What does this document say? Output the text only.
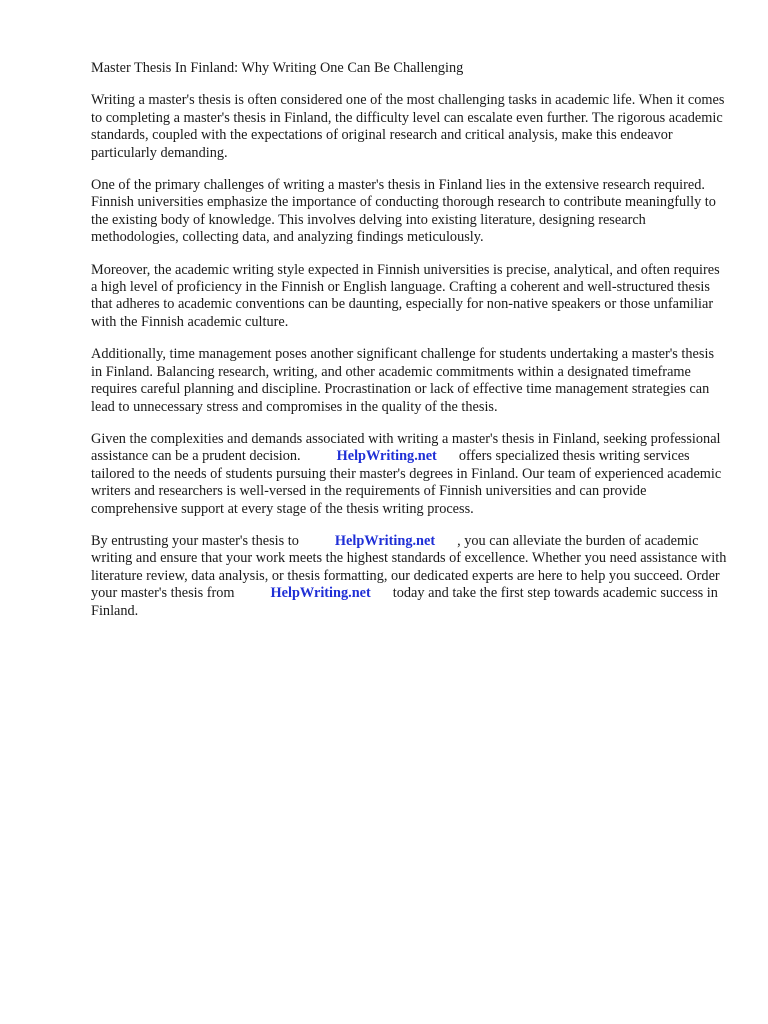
Master Thesis In Finland: Why Writing One Can Be Challenging

Writing a master's thesis is often considered one of the most challenging tasks in academic life. When it comes to completing a master's thesis in Finland, the difficulty level can escalate even further. The rigorous academic standards, coupled with the expectations of original research and critical analysis, make this endeavor particularly demanding.

One of the primary challenges of writing a master's thesis in Finland lies in the extensive research required. Finnish universities emphasize the importance of conducting thorough research to contribute meaningfully to the existing body of knowledge. This involves delving into existing literature, designing research methodologies, collecting data, and analyzing findings meticulously.

Moreover, the academic writing style expected in Finnish universities is precise, analytical, and often requires a high level of proficiency in the Finnish or English language. Crafting a coherent and well-structured thesis that adheres to academic conventions can be daunting, especially for non-native speakers or those unfamiliar with the Finnish academic culture.

Additionally, time management poses another significant challenge for students undertaking a master's thesis in Finland. Balancing research, writing, and other academic commitments within a designated timeframe requires careful planning and discipline. Procrastination or lack of effective time management strategies can lead to unnecessary stress and compromises in the quality of the thesis.

Given the complexities and demands associated with writing a master's thesis in Finland, seeking professional assistance can be a prudent decision.	HelpWriting.net offers specialized thesis writing services tailored to the needs of students pursuing their master's degrees in Finland. Our team of experienced academic writers and researchers is well-versed in the requirements of Finnish universities and can provide comprehensive support at every stage of the thesis writing process.

By entrusting your master's thesis to	HelpWriting.net , you can alleviate the burden of academic writing and ensure that your work meets the highest standards of excellence. Whether you need assistance with literature review, data analysis, or thesis formatting, our dedicated experts are here to help you succeed. Order your master's thesis from	HelpWriting.net today and take the first step towards academic success in Finland.
